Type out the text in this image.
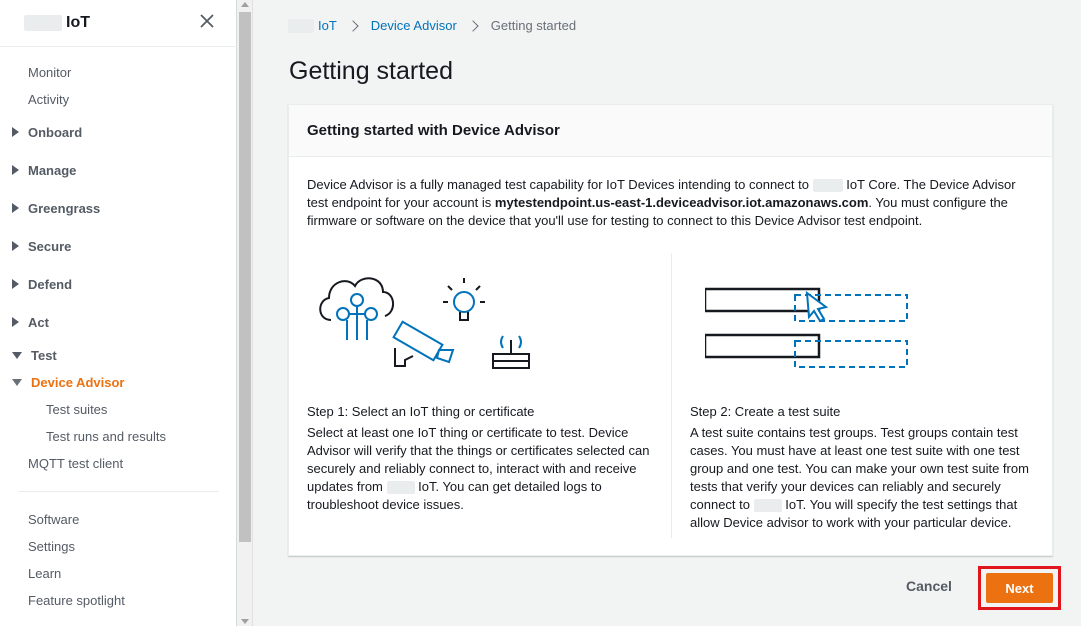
IoT
Monitor
Activity
Onboard
Manage
Greengrass
Secure
Defend
Act
Test
Device Advisor
Test suites
Test runs and results
MQTT test client
Software
Settings
Learn
Feature spotlight
IoT	Device Advisor	Getting started
Getting started
Getting started with Device Advisor
Device Advisor is a fully managed test capability for IoT Devices intending to connect to	IoT Core. The Device Advisor test endpoint for your account is mytestendpoint.us-east-1.deviceadvisor.iot.amazonaws.com. You must configure the firmware or software on the device that you'll use for testing to connect to this Device Advisor test endpoint.
Step 1: Select an IoT thing or certificate
Select at least one IoT thing or certificate to test. Device Advisor will verify that the things or certificates selected can securely and reliably connect to, interact with and receive updates from	IoT. You can get detailed logs to troubleshoot device issues.
Step 2: Create a test suite
A test suite contains test groups. Test groups contain test cases. You must have at least one test suite with one test group and one test. You can make your own test suite from tests that verify your devices can reliably and securely connect to	IoT. You will specify the test settings that allow Device advisor to work with your particular device.
Cancel	Next
